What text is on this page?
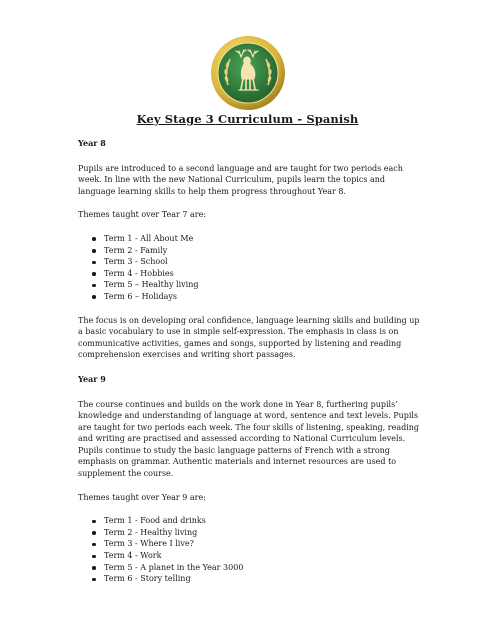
Key Stage 3 Curriculum - Spanish

Year 8

Pupils are introduced to a second language and are taught for two periods each week. In line with the new National Curriculum, pupils learn the topics and language learning skills to help them progress throughout Year 8.

Themes taught over Tear 7 are:

Term 1 - All About Me
Term 2 - Family
Term 3 - School
Term 4 - Hobbies
Term 5 – Healthy living
Term 6 – Holidays

The focus is on developing oral confidence, language learning skills and building up a basic vocabulary to use in simple self-expression. The emphasis in class is on communicative activities, games and songs, supported by listening and reading comprehension exercises and writing short passages.

Year 9

The course continues and builds on the work done in Year 8, furthering pupils’ knowledge and understanding of language at word, sentence and text levels. Pupils are taught for two periods each week. The four skills of listening, speaking, reading and writing are practised and assessed according to National Curriculum levels. Pupils continue to study the basic language patterns of French with a strong emphasis on grammar. Authentic materials and internet resources are used to supplement the course.

Themes taught over Year 9 are:

Term 1 - Food and drinks
Term 2 - Healthy living
Term 3 - Where I live?
Term 4 - Work
Term 5 - A planet in the Year 3000
Term 6 - Story telling
